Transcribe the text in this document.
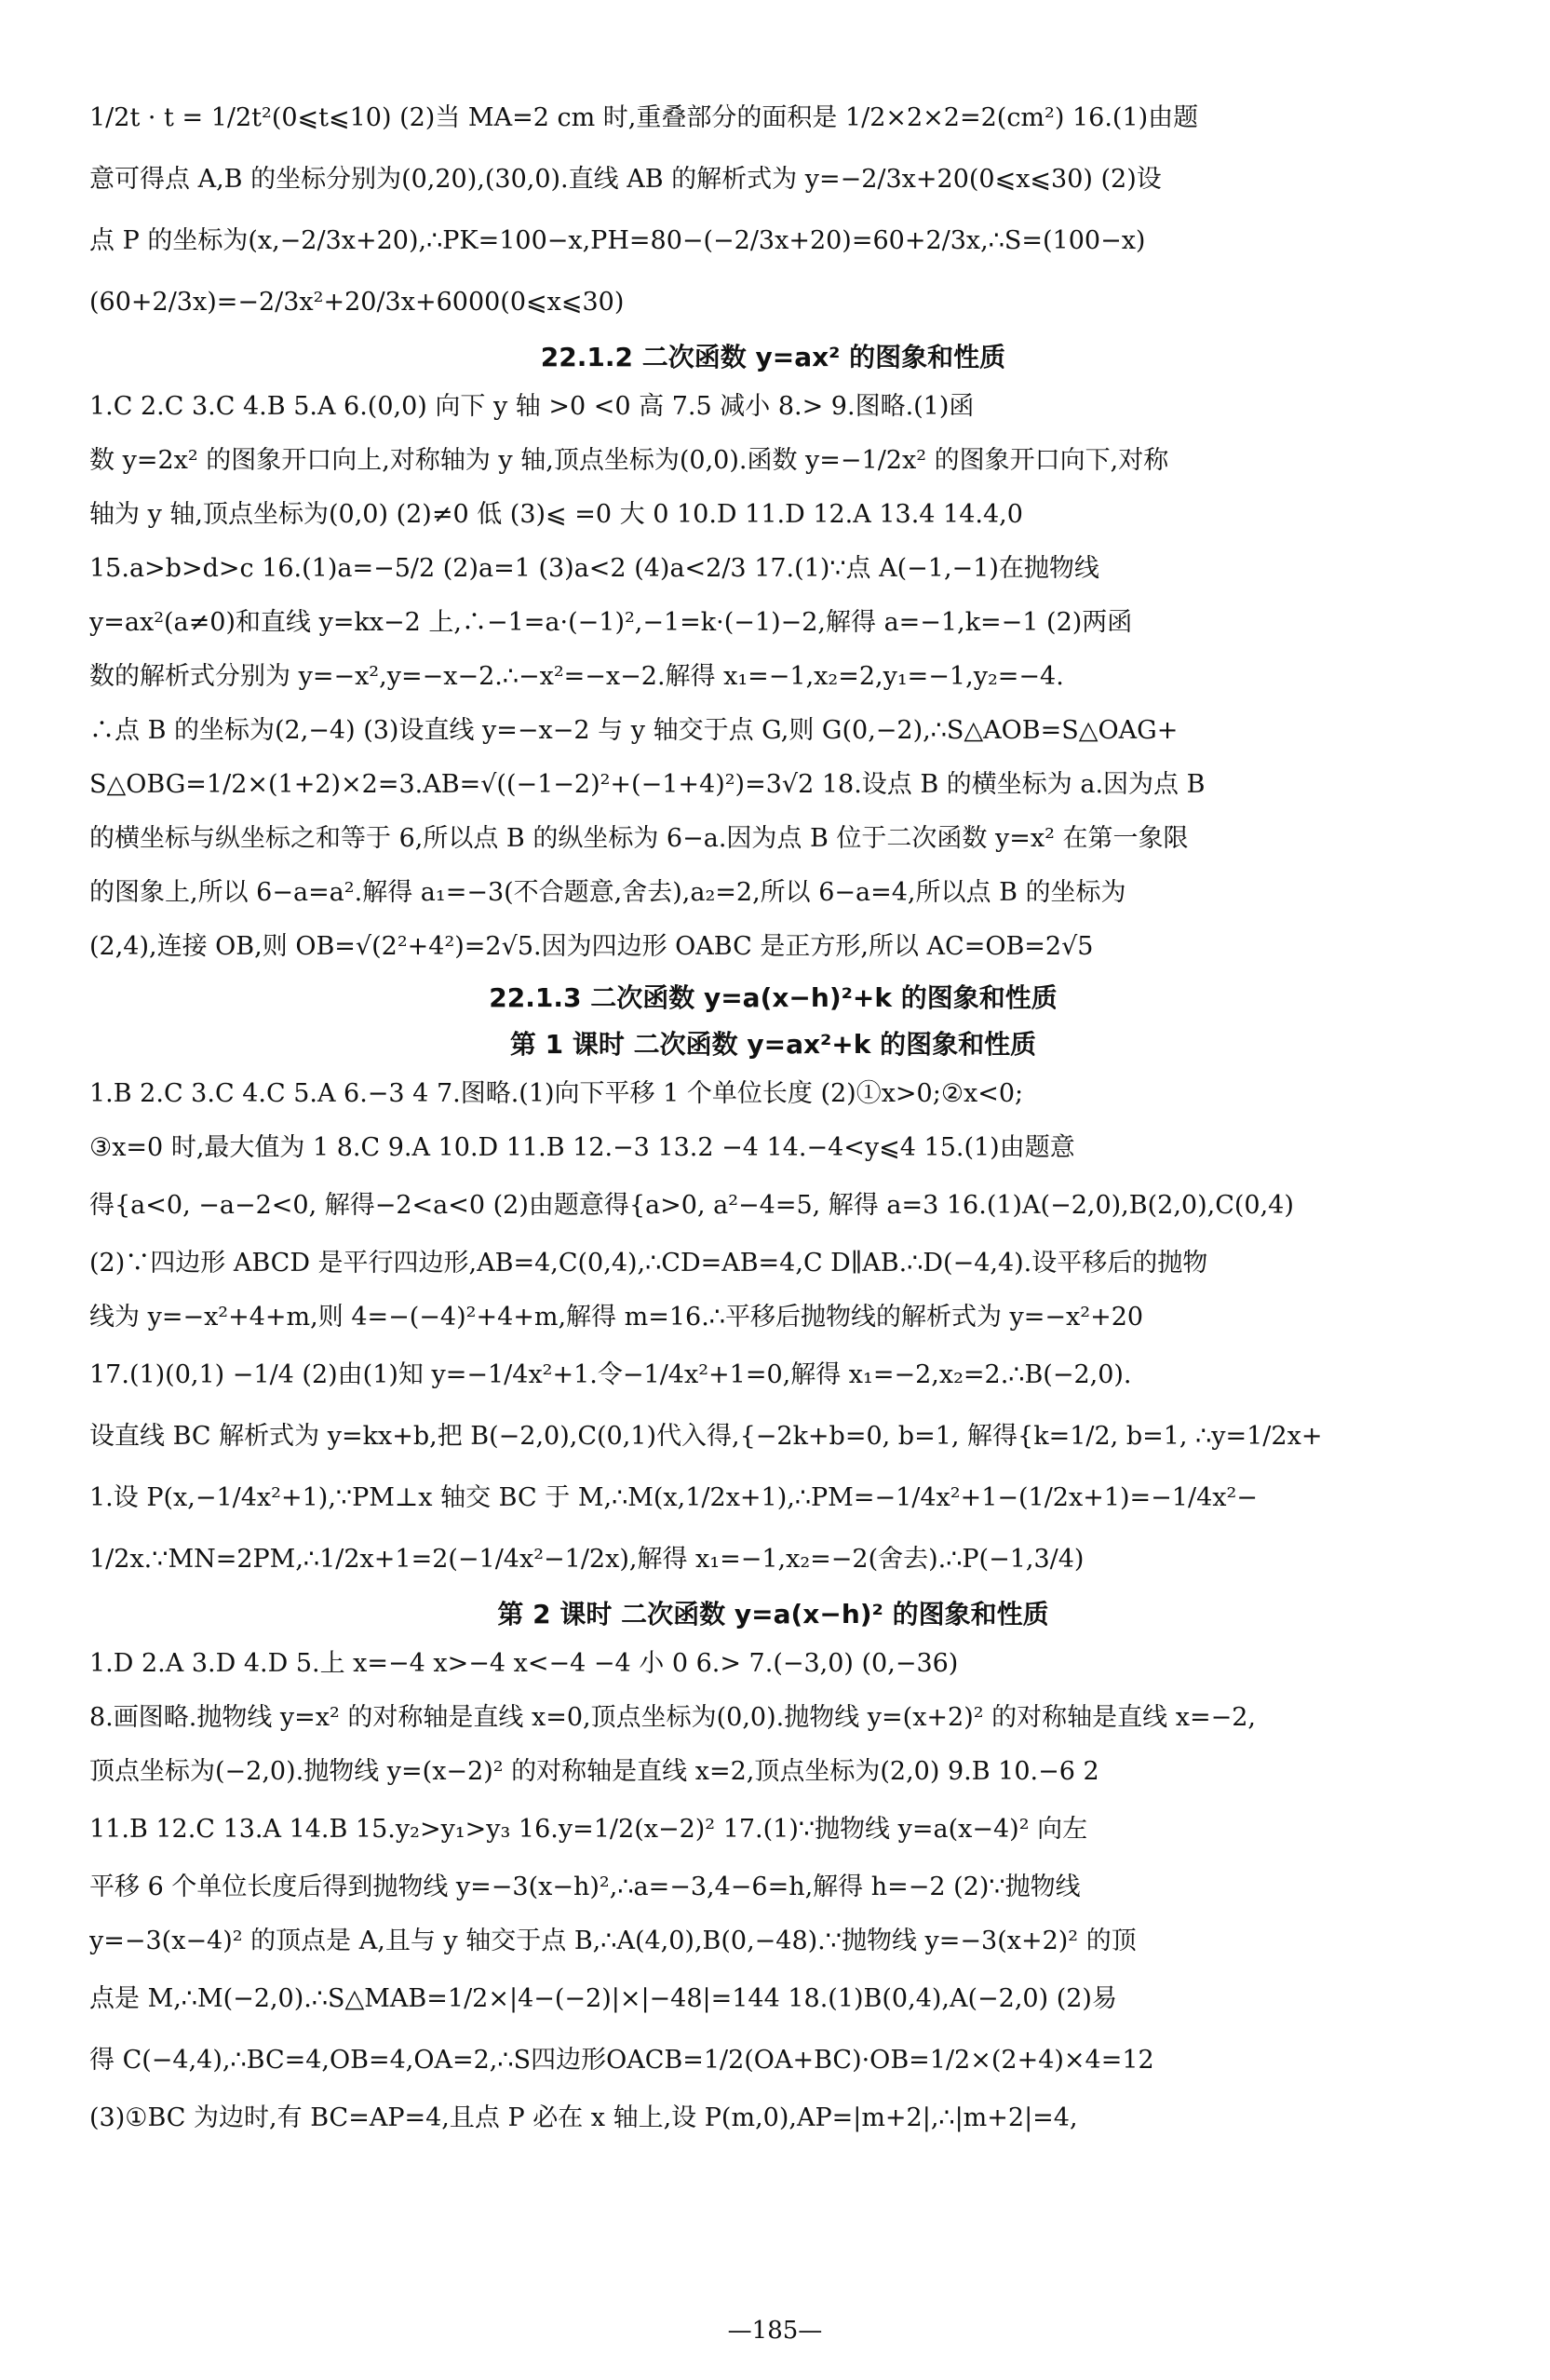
1/2t · t = 1/2t²(0⩽t⩽10) (2)当 MA=2 cm 时,重叠部分的面积是 1/2×2×2=2(cm²) 16.(1)由题
意可得点 A,B 的坐标分别为(0,20),(30,0).直线 AB 的解析式为 y=−2/3x+20(0⩽x⩽30) (2)设
点 P 的坐标为(x,−2/3x+20),∴PK=100−x,PH=80−(−2/3x+20)=60+2/3x,∴S=(100−x)
(60+2/3x)=−2/3x²+20/3x+6000(0⩽x⩽30)
22.1.2 二次函数 y=ax² 的图象和性质
1.C 2.C 3.C 4.B 5.A 6.(0,0) 向下 y 轴 >0 <0 高 7.5 减小 8.> 9.图略.(1)函
数 y=2x² 的图象开口向上,对称轴为 y 轴,顶点坐标为(0,0).函数 y=−1/2x² 的图象开口向下,对称
轴为 y 轴,顶点坐标为(0,0) (2)≠0 低 (3)⩽ =0 大 0 10.D 11.D 12.A 13.4 14.4,0
15.a>b>d>c 16.(1)a=−5/2 (2)a=1 (3)a<2 (4)a<2/3 17.(1)∵点 A(−1,−1)在抛物线
y=ax²(a≠0)和直线 y=kx−2 上,∴−1=a·(−1)²,−1=k·(−1)−2,解得 a=−1,k=−1 (2)两函
数的解析式分别为 y=−x²,y=−x−2.∴−x²=−x−2.解得 x₁=−1,x₂=2,y₁=−1,y₂=−4.
∴点 B 的坐标为(2,−4) (3)设直线 y=−x−2 与 y 轴交于点 G,则 G(0,−2),∴S△AOB=S△OAG+
S△OBG=1/2×(1+2)×2=3.AB=√((−1−2)²+(−1+4)²)=3√2 18.设点 B 的横坐标为 a.因为点 B
的横坐标与纵坐标之和等于 6,所以点 B 的纵坐标为 6−a.因为点 B 位于二次函数 y=x² 在第一象限
的图象上,所以 6−a=a².解得 a₁=−3(不合题意,舍去),a₂=2,所以 6−a=4,所以点 B 的坐标为
(2,4),连接 OB,则 OB=√(2²+4²)=2√5.因为四边形 OABC 是正方形,所以 AC=OB=2√5
22.1.3 二次函数 y=a(x−h)²+k 的图象和性质
第 1 课时 二次函数 y=ax²+k 的图象和性质
1.B 2.C 3.C 4.C 5.A 6.−3 4 7.图略.(1)向下平移 1 个单位长度 (2)①x>0;②x<0;
③x=0 时,最大值为 1 8.C 9.A 10.D 11.B 12.−3 13.2 −4 14.−4<y⩽4 15.(1)由题意
得{a<0, −a−2<0, 解得−2<a<0 (2)由题意得{a>0, a²−4=5, 解得 a=3 16.(1)A(−2,0),B(2,0),C(0,4)
(2)∵四边形 ABCD 是平行四边形,AB=4,C(0,4),∴CD=AB=4,C D∥AB.∴D(−4,4).设平移后的抛物
线为 y=−x²+4+m,则 4=−(−4)²+4+m,解得 m=16.∴平移后抛物线的解析式为 y=−x²+20
17.(1)(0,1) −1/4 (2)由(1)知 y=−1/4x²+1.令−1/4x²+1=0,解得 x₁=−2,x₂=2.∴B(−2,0).
设直线 BC 解析式为 y=kx+b,把 B(−2,0),C(0,1)代入得,{−2k+b=0, b=1, 解得{k=1/2, b=1, ∴y=1/2x+
1.设 P(x,−1/4x²+1),∵PM⊥x 轴交 BC 于 M,∴M(x,1/2x+1),∴PM=−1/4x²+1−(1/2x+1)=−1/4x²−
1/2x.∵MN=2PM,∴1/2x+1=2(−1/4x²−1/2x),解得 x₁=−1,x₂=−2(舍去).∴P(−1,3/4)
第 2 课时 二次函数 y=a(x−h)² 的图象和性质
1.D 2.A 3.D 4.D 5.上 x=−4 x>−4 x<−4 −4 小 0 6.> 7.(−3,0) (0,−36)
8.画图略.抛物线 y=x² 的对称轴是直线 x=0,顶点坐标为(0,0).抛物线 y=(x+2)² 的对称轴是直线 x=−2,
顶点坐标为(−2,0).抛物线 y=(x−2)² 的对称轴是直线 x=2,顶点坐标为(2,0) 9.B 10.−6 2
11.B 12.C 13.A 14.B 15.y₂>y₁>y₃ 16.y=1/2(x−2)² 17.(1)∵抛物线 y=a(x−4)² 向左
平移 6 个单位长度后得到抛物线 y=−3(x−h)²,∴a=−3,4−6=h,解得 h=−2 (2)∵抛物线
y=−3(x−4)² 的顶点是 A,且与 y 轴交于点 B,∴A(4,0),B(0,−48).∵抛物线 y=−3(x+2)² 的顶
点是 M,∴M(−2,0).∴S△MAB=1/2×|4−(−2)|×|−48|=144 18.(1)B(0,4),A(−2,0) (2)易
得 C(−4,4),∴BC=4,OB=4,OA=2,∴S四边形OACB=1/2(OA+BC)·OB=1/2×(2+4)×4=12
(3)①BC 为边时,有 BC=AP=4,且点 P 必在 x 轴上,设 P(m,0),AP=|m+2|,∴|m+2|=4,
—185—
